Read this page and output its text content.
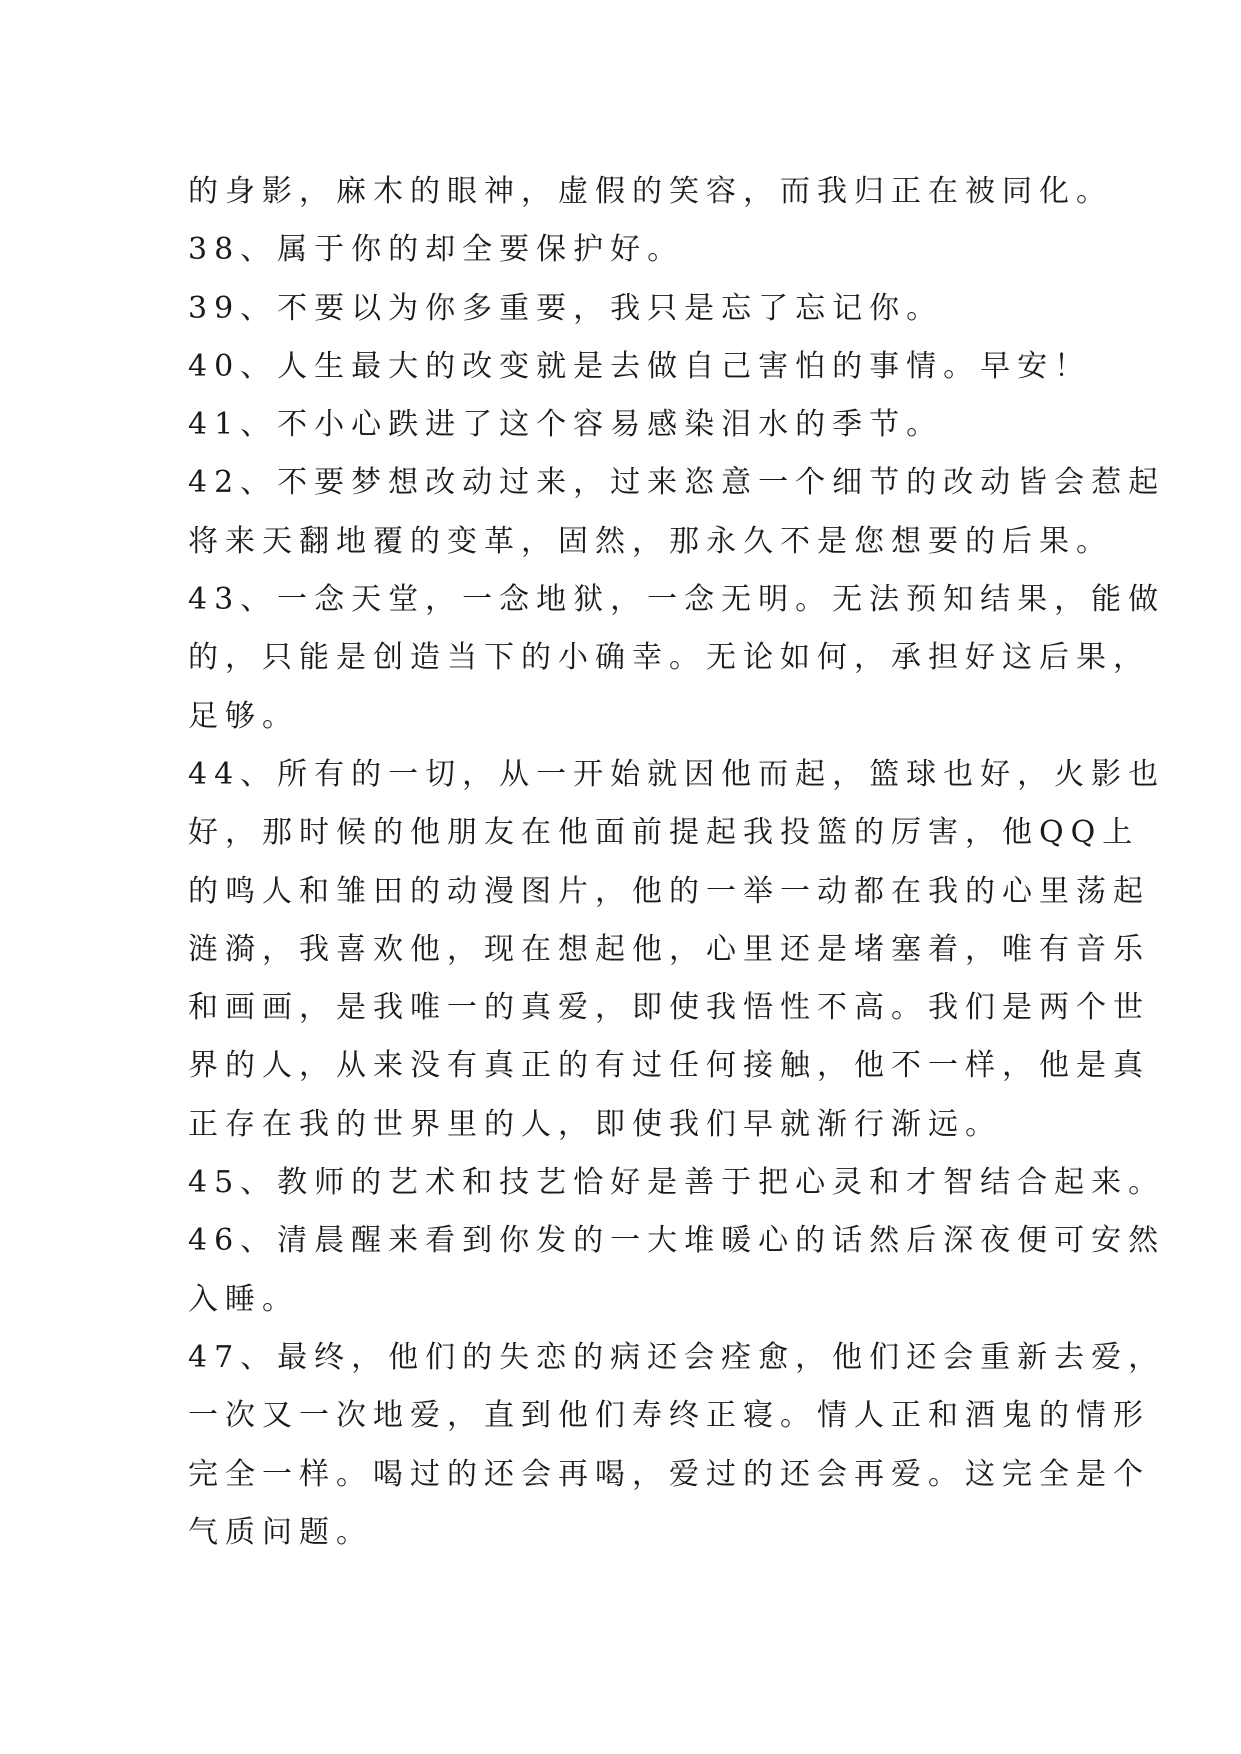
的身影，麻木的眼神，虚假的笑容，而我归正在被同化。
38、属于你的却全要保护好。
39、不要以为你多重要，我只是忘了忘记你。
40、人生最大的改变就是去做自己害怕的事情。早安！
41、不小心跌进了这个容易感染泪水的季节。
42、不要梦想改动过来，过来恣意一个细节的改动皆会惹起
将来天翻地覆的变革，固然，那永久不是您想要的后果。
43、一念天堂，一念地狱，一念无明。无法预知结果，能做
的，只能是创造当下的小确幸。无论如何，承担好这后果，
足够。
44、所有的一切，从一开始就因他而起，篮球也好，火影也
好，那时候的他朋友在他面前提起我投篮的厉害，他QQ上
的鸣人和雏田的动漫图片，他的一举一动都在我的心里荡起
涟漪，我喜欢他，现在想起他，心里还是堵塞着，唯有音乐
和画画，是我唯一的真爱，即使我悟性不高。我们是两个世
界的人，从来没有真正的有过任何接触，他不一样，他是真
正存在我的世界里的人，即使我们早就渐行渐远。
45、教师的艺术和技艺恰好是善于把心灵和才智结合起来。
46、清晨醒来看到你发的一大堆暖心的话然后深夜便可安然
入睡。
47、最终，他们的失恋的病还会痊愈，他们还会重新去爱，
一次又一次地爱，直到他们寿终正寝。情人正和酒鬼的情形
完全一样。喝过的还会再喝，爱过的还会再爱。这完全是个
气质问题。
